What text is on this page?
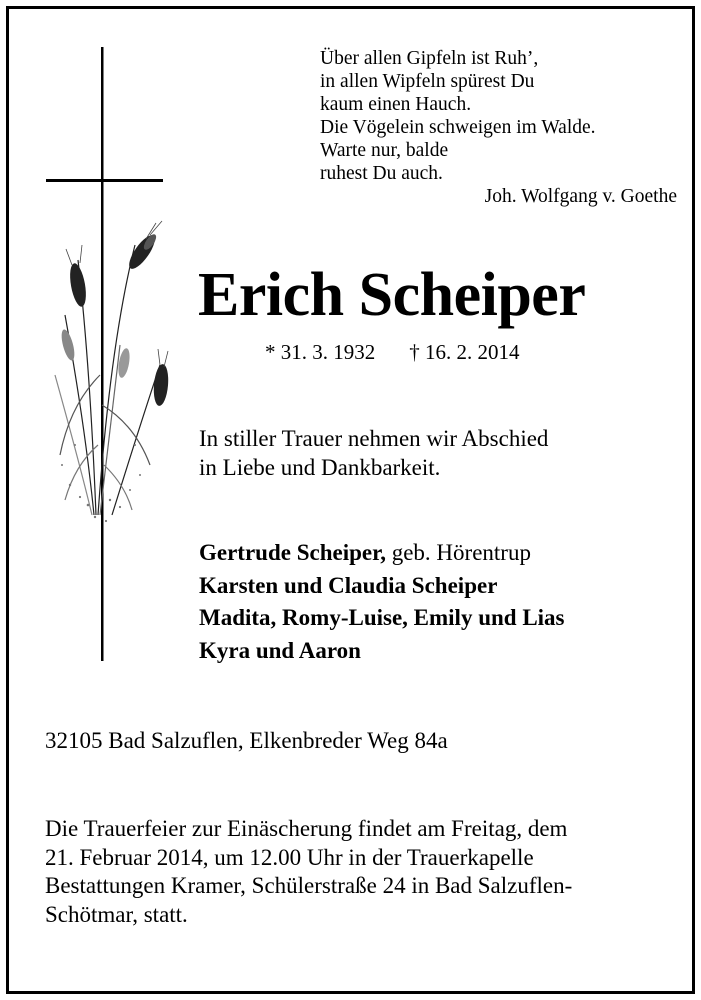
Über allen Gipfeln ist Ruh’,
in allen Wipfeln spürest Du
kaum einen Hauch.
Die Vögelein schweigen im Walde.
Warte nur, balde
ruhest Du auch.
Joh. Wolfgang v. Goethe
Erich Scheiper
* 31. 3. 1932 † 16. 2. 2014
In stiller Trauer nehmen wir Abschied
in Liebe und Dankbarkeit.
Gertrude Scheiper, geb. Hörentrup
Karsten und Claudia Scheiper
Madita, Romy-Luise, Emily und Lias
Kyra und Aaron
32105 Bad Salzuflen, Elkenbreder Weg 84a
Die Trauerfeier zur Einäscherung findet am Freitag, dem
21. Februar 2014, um 12.00 Uhr in der Trauerkapelle
Bestattungen Kramer, Schülerstraße 24 in Bad Salzuflen-
Schötmar, statt.
